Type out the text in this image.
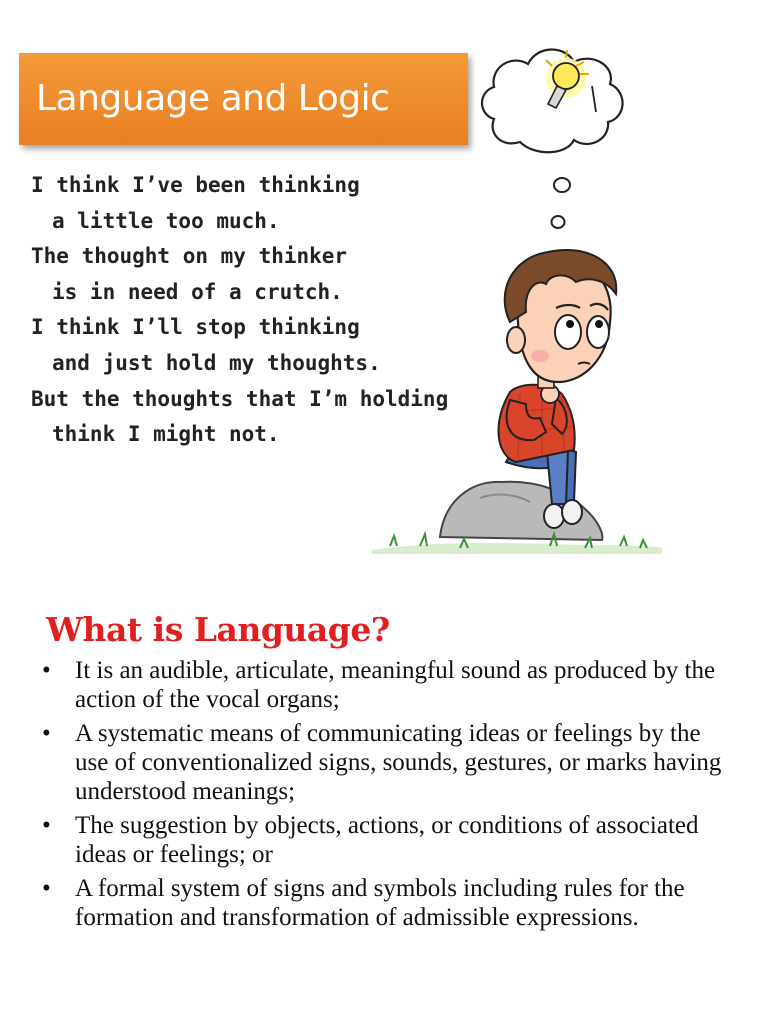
Language and Logic
I think I’ve been thinking
a little too much.
The thought on my thinker
is in need of a crutch.
I think I’ll stop thinking
and just hold my thoughts.
But the thoughts that I’m holding
think I might not.
What is Language?
• It is an audible, articulate, meaningful sound as produced by the action of the vocal organs;
• A systematic means of communicating ideas or feelings by the use of conventionalized signs, sounds, gestures, or marks having understood meanings;
• The suggestion by objects, actions, or conditions of associated ideas or feelings; or
• A formal system of signs and symbols including rules for the formation and transformation of admissible expressions.
